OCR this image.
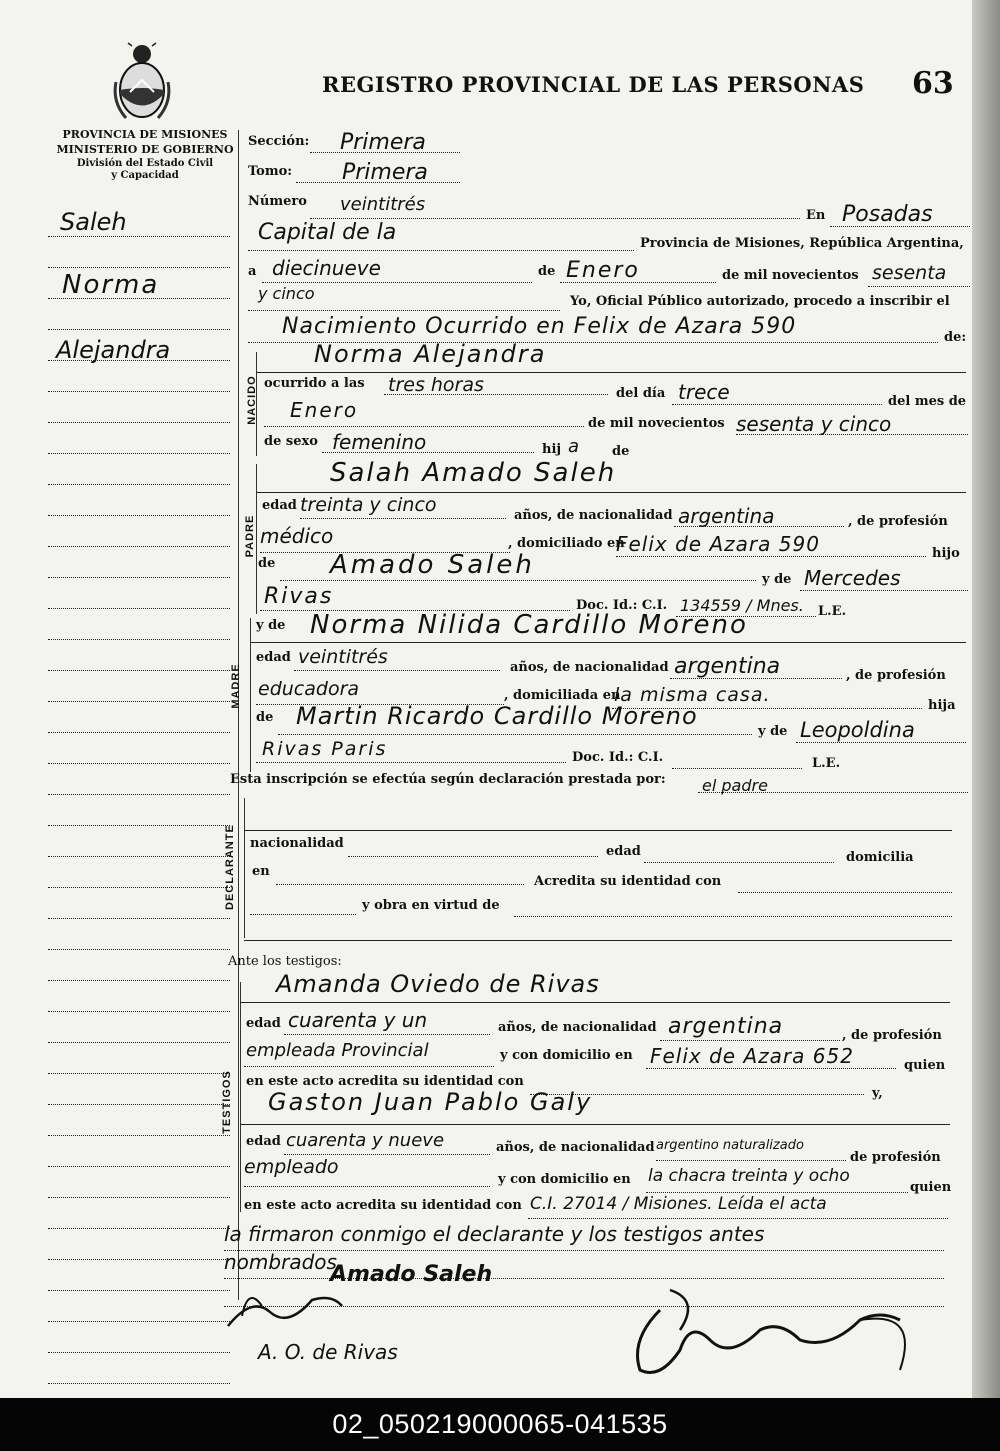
REGISTRO PROVINCIAL DE LAS PERSONAS 63
PROVINCIA DE MISIONES
MINISTERIO DE GOBIERNO
División del Estado Civil
y Capacidad
Saleh
Norma
Alejandra
Sección: Primera
Tomo: Primera
Número veintitrés
En Posadas
Capital de la	Provincia de Misiones, República Argentina,
a diecinueve	de Enero	de mil novecientos sesenta
y cinco	Yo, Oficial Público autorizado, procedo a inscribir el
Nacimiento Ocurrido en Felix de Azara 590	de:
NACIDO
Norma Alejandra
ocurrido a las tres horas	del día trece	del mes de
Enero
de mil novecientos sesenta y cinco
de sexo femenino	hij a	de
PADRE
Salah Amado Saleh
edad treinta y cinco	años, de nacionalidad argentina	, de profesión
médico	, domiciliado en
Felix de Azara 590	hijo
de Amado Saleh	y de Mercedes
Rivas	Doc. Id.: C.I. 134559 / Mnes. L.E.
MADRE
y de Norma Nilida Cardillo Moreno
edad veintitrés	años, de nacionalidad argentina	, de profesión
educadora	, domiciliada en
la misma casa.	hija
de Martin Ricardo Cardillo Moreno
y de Leopoldina
Rivas Paris	Doc. Id.: C.I.	L.E.
Esta inscripción se efectúa según declaración prestada por: el padre
DECLARANTE nacionalidad
edad	domicilia
en
Acredita su identidad con
y obra en virtud de
Ante los testigos:
TESTIGOS
Amanda Oviedo de Rivas
edad cuarenta y un	años, de nacionalidad argentina	, de profesión
empleada Provincial	y con domicilio en Felix de Azara 652	quien
en este acto acredita su identidad con
y,
Gaston Juan Pablo Galy
edad cuarenta y nueve	años, de nacionalidad argentino naturalizado
de profesión
empleado
y con domicilio en la chacra treinta y ocho
quien
en este acto acredita su identidad con C.I. 27014 / Misiones. Leída el acta
la firmaron conmigo el declarante y los testigos antes
nombrados.
Amado Saleh
A. O. de Rivas
02_050219000065-041535
